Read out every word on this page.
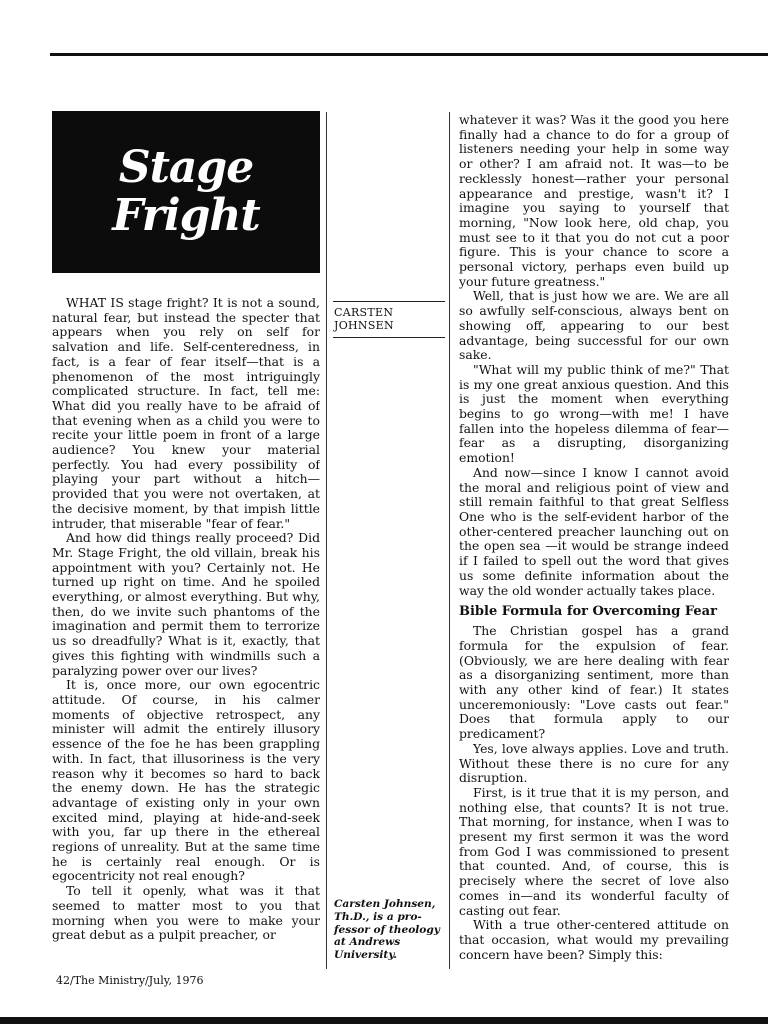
Stage
Fright

WHAT IS stage fright? It is not a sound, natural fear, but instead the specter that appears when you rely on self for salvation and life. Self-centeredness, in fact, is a fear of fear itself—that is a phenomenon of the most intriguingly complicated structure. In fact, tell me: What did you really have to be afraid of that evening when as a child you were to recite your little poem in front of a large audience? You knew your material perfectly. You had every possibility of playing your part without a hitch—provided that you were not overtaken, at the decisive moment, by that impish little intruder, that miserable "fear of fear."

And how did things really proceed? Did Mr. Stage Fright, the old villain, break his appointment with you? Certainly not. He turned up right on time. And he spoiled everything, or almost everything. But why, then, do we invite such phantoms of the imagination and permit them to terrorize us so dreadfully? What is it, exactly, that gives this fighting with windmills such a paralyzing power over our lives?

It is, once more, our own egocentric attitude. Of course, in his calmer moments of objective retrospect, any minister will admit the entirely illusory essence of the foe he has been grappling with. In fact, that illusoriness is the very reason why it becomes so hard to back the enemy down. He has the strategic advantage of existing only in your own excited mind, playing at hide-and-seek with you, far up there in the ethereal regions of unreality. But at the same time he is certainly real enough. Or is egocentricity not real enough?

To tell it openly, what was it that seemed to matter most to you that morning when you were to make your great debut as a pulpit preacher, or

CARSTEN
JOHNSEN
Carsten Johnsen,
Th.D., is a pro-
fessor of theology
at Andrews
University.

whatever it was? Was it the good you here finally had a chance to do for a group of listeners needing your help in some way or other? I am afraid not. It was—to be recklessly honest—rather your personal appearance and prestige, wasn't it? I imagine you saying to yourself that morning, "Now look here, old chap, you must see to it that you do not cut a poor figure. This is your chance to score a personal victory, perhaps even build up your future greatness."

Well, that is just how we are. We are all so awfully self-conscious, always bent on showing off, appearing to our best advantage, being successful for our own sake.

"What will my public think of me?" That is my one great anxious question. And this is just the moment when everything begins to go wrong—with me! I have fallen into the hopeless dilemma of fear—fear as a disrupting, disorganizing emotion!

And now—since I know I cannot avoid the moral and religious point of view and still remain faithful to that great Selfless One who is the self-evident harbor of the other-centered preacher launching out on the open sea —it would be strange indeed if I failed to spell out the word that gives us some definite information about the way the old wonder actually takes place.

Bible Formula for Overcoming Fear

The Christian gospel has a grand formula for the expulsion of fear. (Obviously, we are here dealing with fear as a disorganizing sentiment, more than with any other kind of fear.) It states unceremoniously: "Love casts out fear." Does that formula apply to our predicament?

Yes, love always applies. Love and truth. Without these there is no cure for any disruption.

First, is it true that it is my person, and nothing else, that counts? It is not true. That morning, for instance, when I was to present my first sermon it was the word from God I was commissioned to present that counted. And, of course, this is precisely where the secret of love also comes in—and its wonderful faculty of casting out fear.

With a true other-centered attitude on that occasion, what would my prevailing concern have been? Simply this:

42/The Ministry/July, 1976
